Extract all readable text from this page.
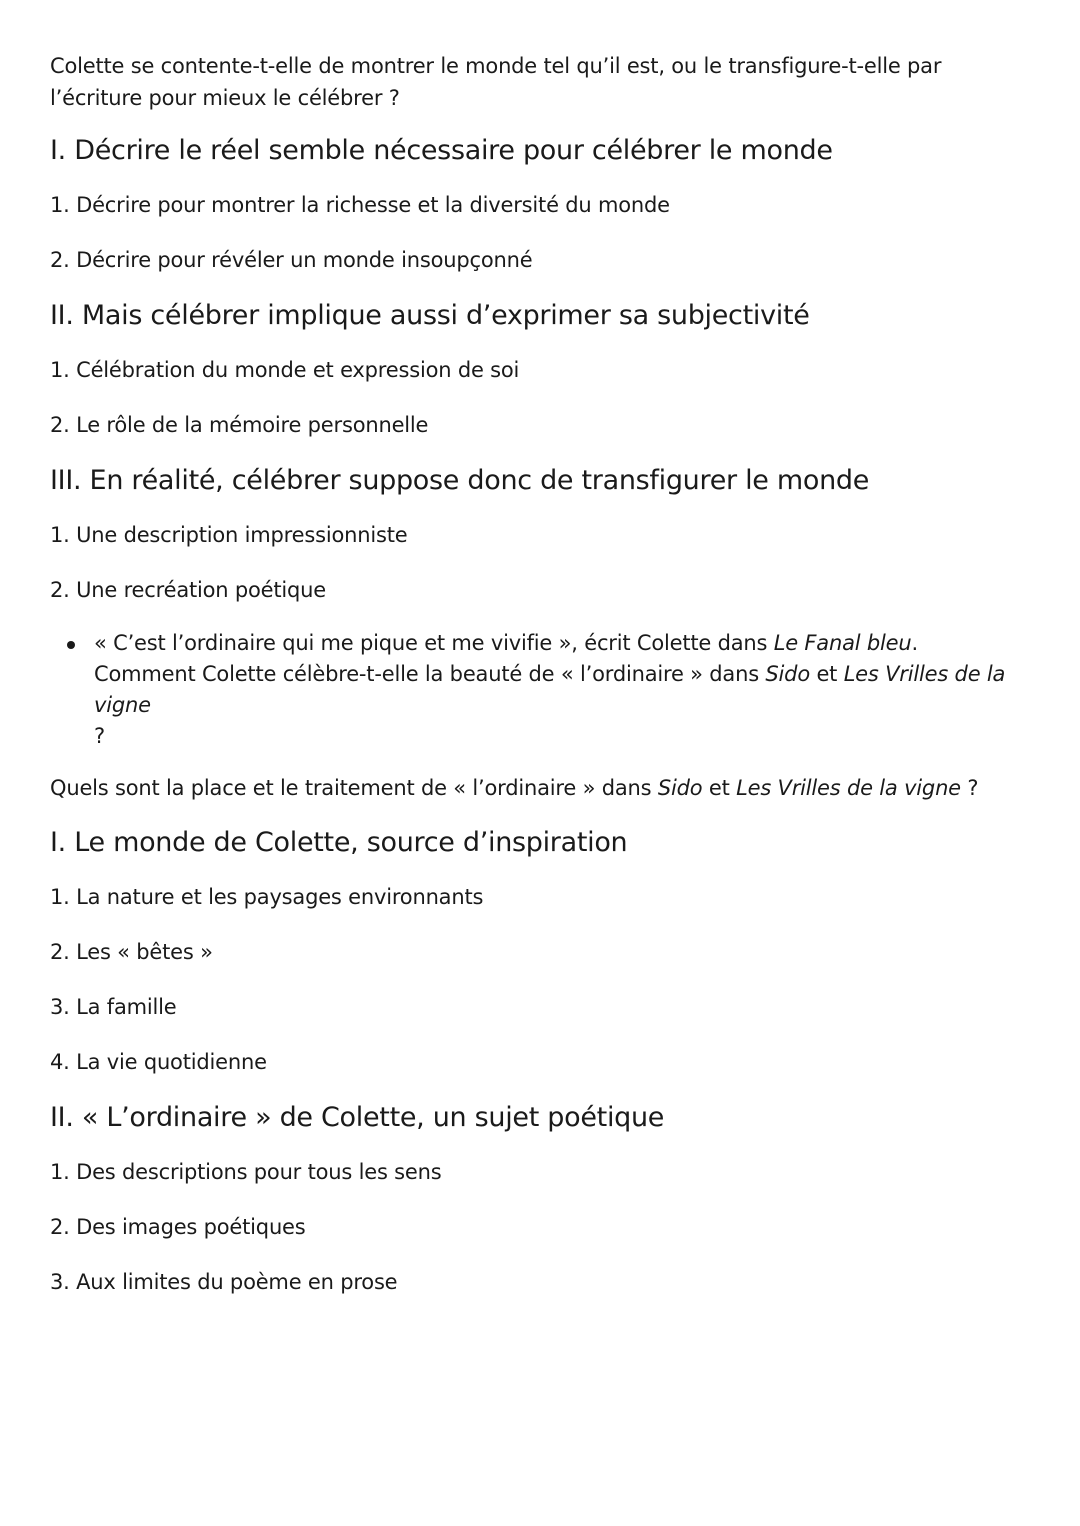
Colette se contente-t-elle de montrer le monde tel qu’il est, ou le transfigure-t-elle par l’écriture pour mieux le célébrer ?

I. Décrire le réel semble nécessaire pour célébrer le monde

1. Décrire pour montrer la richesse et la diversité du monde

2. Décrire pour révéler un monde insoupçonné

II. Mais célébrer implique aussi d’exprimer sa subjectivité

1. Célébration du monde et expression de soi

2. Le rôle de la mémoire personnelle

III. En réalité, célébrer suppose donc de transfigurer le monde

1. Une description impressionniste

2. Une recréation poétique

« C’est l’ordinaire qui me pique et me vivifie », écrit Colette dans Le Fanal bleu.
Comment Colette célèbre-t-elle la beauté de « l’ordinaire » dans Sido et Les Vrilles de la vigne
?

Quels sont la place et le traitement de « l’ordinaire » dans Sido et Les Vrilles de la vigne ?

I. Le monde de Colette, source d’inspiration

1. La nature et les paysages environnants

2. Les « bêtes »

3. La famille

4. La vie quotidienne

II. « L’ordinaire » de Colette, un sujet poétique

1. Des descriptions pour tous les sens

2. Des images poétiques

3. Aux limites du poème en prose
